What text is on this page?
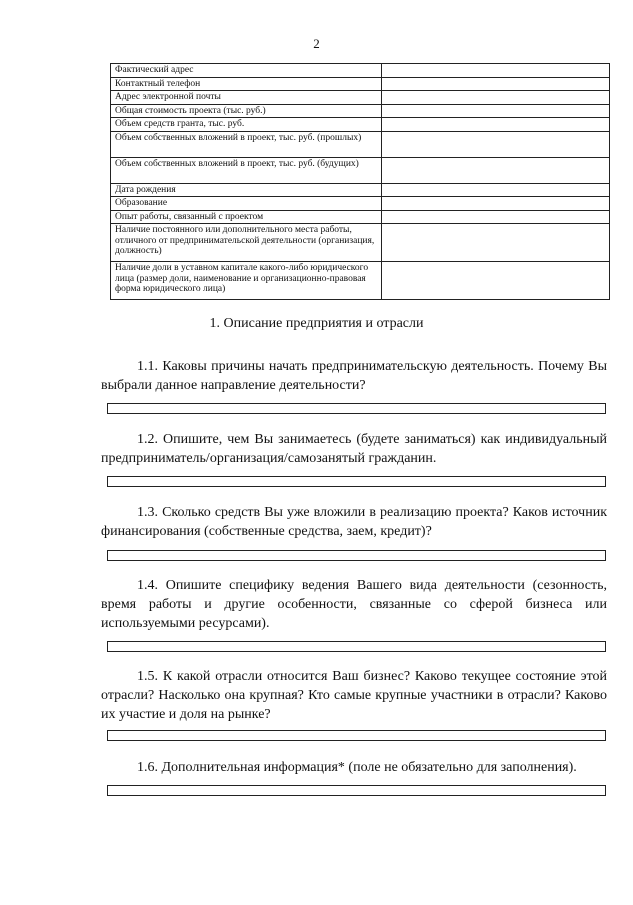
2
Фактический адрес	
Контактный телефон	
Адрес электронной почты	
Общая стоимость проекта (тыс. руб.)	
Объем средств гранта, тыс. руб.	
Объем собственных вложений в проект, тыс. руб. (прошлых)	
Объем собственных вложений в проект, тыс. руб. (будущих)	
Дата рождения	
Образование	
Опыт работы, связанный с проектом	
Наличие постоянного или дополнительного места работы, отличного от предпринимательской деятельности (организация, должность)	
Наличие доли в уставном капитале какого-либо юридического лица (размер доли, наименование и организационно-правовая форма юридического лица)	
1. Описание предприятия и отрасли

1.1. Каковы причины начать предпринимательскую деятельность. Почему Вы выбрали данное направление деятельности?

1.2. Опишите, чем Вы занимаетесь (будете заниматься) как индивидуальный предприниматель/организация/самозанятый гражданин.

1.3. Сколько средств Вы уже вложили в реализацию проекта? Каков источник финансирования (собственные средства, заем, кредит)?

1.4. Опишите специфику ведения Вашего вида деятельности (сезонность, время работы и другие особенности, связанные со сферой бизнеса или используемыми ресурсами).

1.5. К какой отрасли относится Ваш бизнес? Каково текущее состояние этой отрасли? Насколько она крупная? Кто самые крупные участники в отрасли? Каково их участие и доля на рынке?

1.6. Дополнительная информация* (поле не обязательно для заполнения).
